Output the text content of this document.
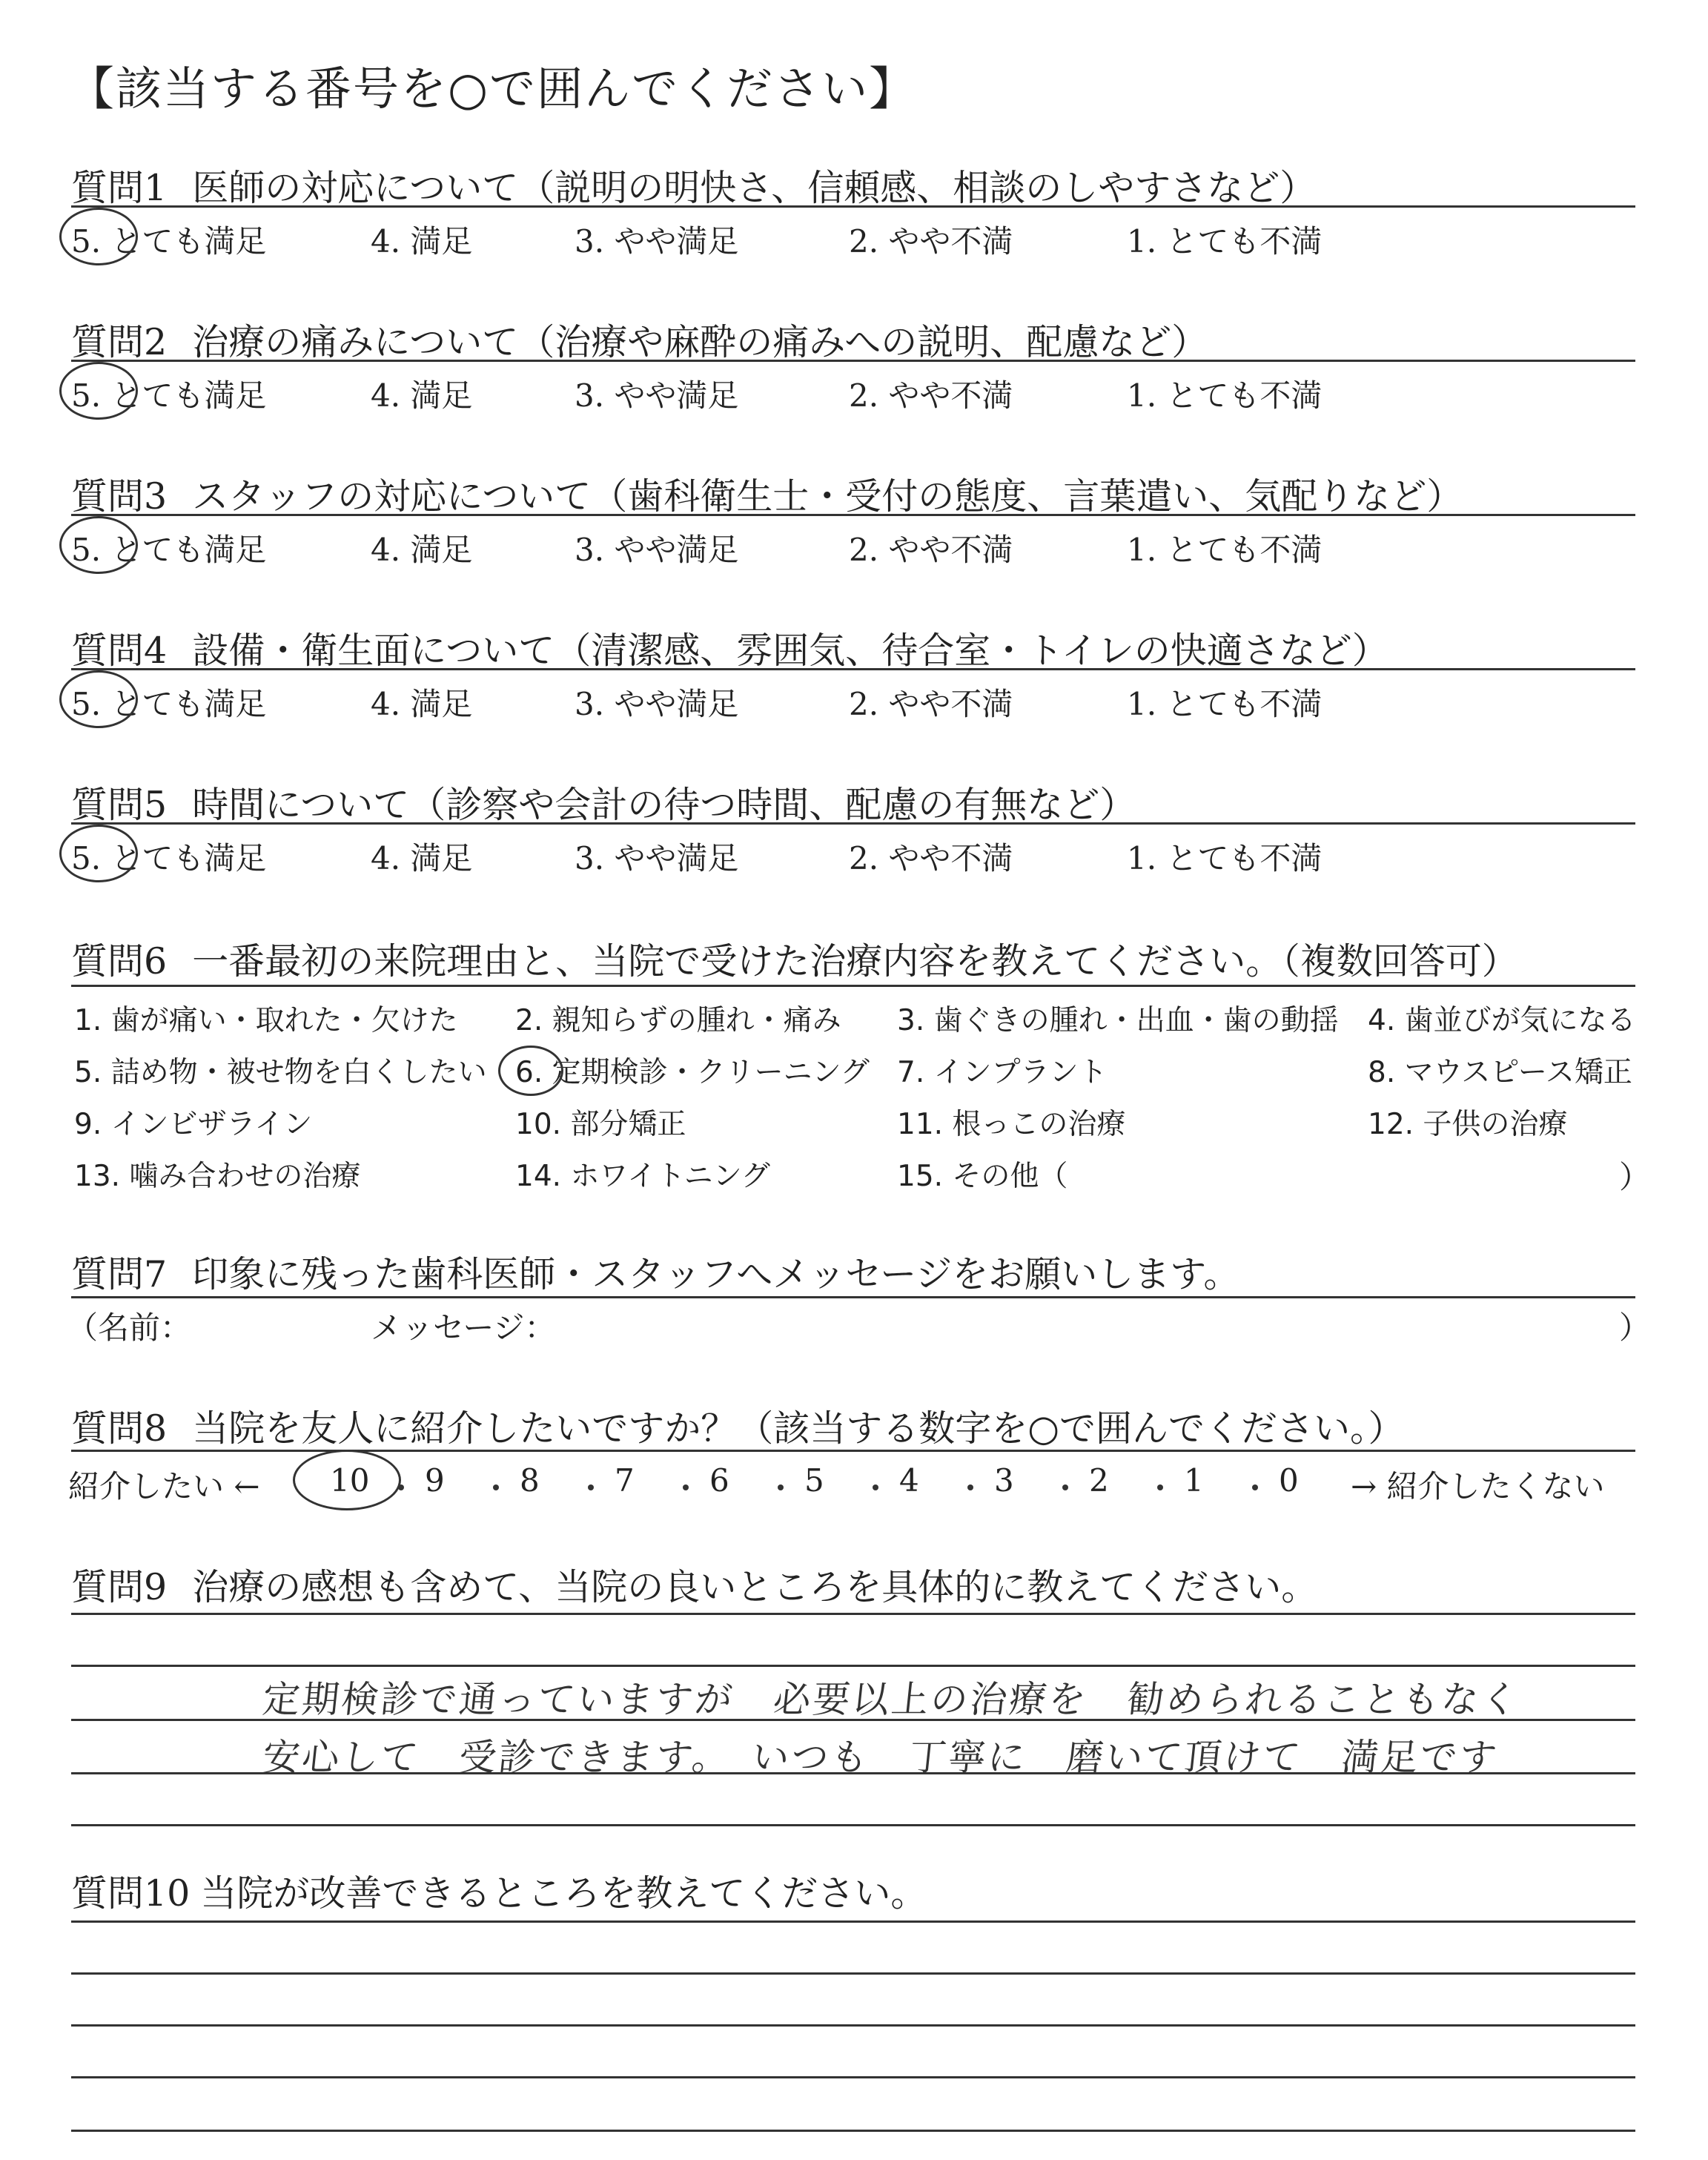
【該当する番号を○で囲んでください】
質問1 医師の対応について（説明の明快さ、信頼感、相談のしやすさなど）
5. とても満足	4. 満足	3. やや満足	2. やや不満	1. とても不満
質問2 治療の痛みについて（治療や麻酔の痛みへの説明、配慮など）
5. とても満足	4. 満足	3. やや満足	2. やや不満	1. とても不満
質問3 スタッフの対応について（歯科衛生士・受付の態度、言葉遣い、気配りなど）
5. とても満足	4. 満足	3. やや満足	2. やや不満	1. とても不満
質問4 設備・衛生面について（清潔感、雰囲気、待合室・トイレの快適さなど）
5. とても満足	4. 満足	3. やや満足	2. やや不満	1. とても不満
質問5 時間について（診察や会計の待つ時間、配慮の有無など）
5. とても満足	4. 満足	3. やや満足	2. やや不満	1. とても不満
質問6 一番最初の来院理由と、当院で受けた治療内容を教えてください。（複数回答可）
1. 歯が痛い・取れた・欠けた 2. 親知らずの腫れ・痛み 3. 歯ぐきの腫れ・出血・歯の動揺 4. 歯並びが気になる
5. 詰め物・被せ物を白くしたい 6. 定期検診・クリーニング 7. インプラント	8. マウスピース矯正
9. インビザライン	10. 部分矯正	11. 根っこの治療	12. 子供の治療
13. 噛み合わせの治療	14. ホワイトニング	15. その他（	）
質問7 印象に残った歯科医師・スタッフへメッセージをお願いします。
（名前：	メッセージ：	）
質問8 当院を友人に紹介したいですか？（該当する数字を○で囲んでください。）
紹介したい ← 10 9 8 7 6 5 4 3 2 1 0 → 紹介したくない
質問9 治療の感想も含めて、当院の良いところを具体的に教えてください。
定期検診で通っていますが　必要以上の治療を　勧められることもなく
安心して　受診できます。　いつも　丁寧に　磨いて頂けて　満足です
質問10 当院が改善できるところを教えてください。
